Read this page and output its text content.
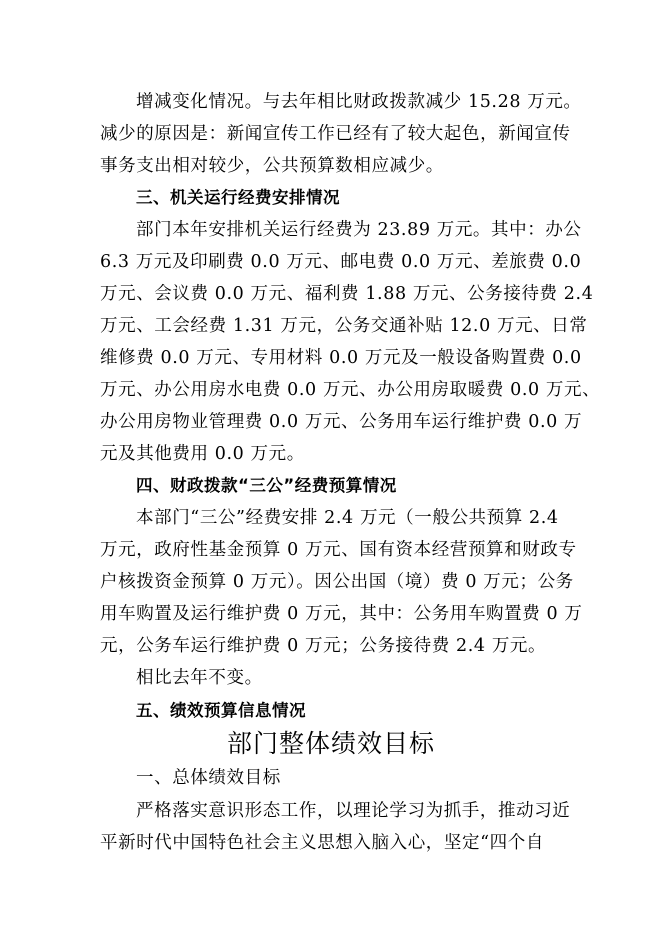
增减变化情况。与去年相比财政拨款减少 15.28 万元。
减少的原因是：新闻宣传工作已经有了较大起色，新闻宣传
事务支出相对较少，公共预算数相应减少。
三、机关运行经费安排情况
部门本年安排机关运行经费为 23.89 万元。其中：办公
6.3 万元及印刷费 0.0 万元、邮电费 0.0 万元、差旅费 0.0
万元、会议费 0.0 万元、福利费 1.88 万元、公务接待费 2.4
万元、工会经费 1.31 万元，公务交通补贴 12.0 万元、日常
维修费 0.0 万元、专用材料 0.0 万元及一般设备购置费 0.0
万元、办公用房水电费 0.0 万元、办公用房取暖费 0.0 万元、
办公用房物业管理费 0.0 万元、公务用车运行维护费 0.0 万
元及其他费用 0.0 万元。
四、财政拨款“三公”经费预算情况
本部门“三公”经费安排 2.4 万元（一般公共预算 2.4
万元，政府性基金预算 0 万元、国有资本经营预算和财政专
户核拨资金预算 0 万元）。因公出国（境）费 0 万元；公务
用车购置及运行维护费 0 万元，其中：公务用车购置费 0 万
元，公务车运行维护费 0 万元；公务接待费 2.4 万元。
相比去年不变。
五、绩效预算信息情况
部门整体绩效目标
一、总体绩效目标
严格落实意识形态工作，以理论学习为抓手，推动习近
平新时代中国特色社会主义思想入脑入心，坚定“四个自
